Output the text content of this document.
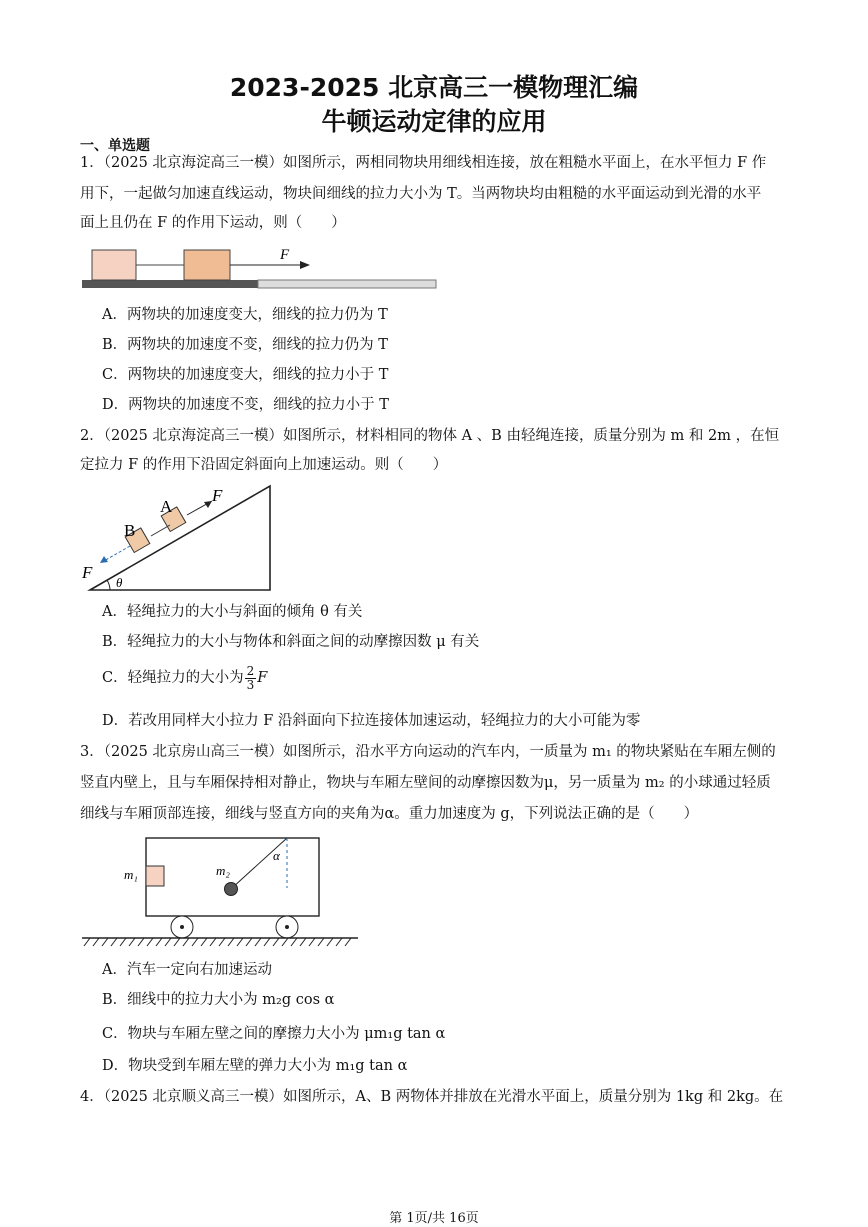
2023-2025 北京高三一模物理汇编
牛顿运动定律的应用
一、单选题
1．（2025 北京海淀高三一模）如图所示，两相同物块用细线相连接，放在粗糙水平面上，在水平恒力 F 作
用下，一起做匀加速直线运动，物块间细线的拉力大小为 T。当两物块均由粗糙的水平面运动到光滑的水平
面上且仍在 F 的作用下运动，则（　　）
F
A．两物块的加速度变大，细线的拉力仍为 T
B．两物块的加速度不变，细线的拉力仍为 T
C．两物块的加速度变大，细线的拉力小于 T
D．两物块的加速度不变，细线的拉力小于 T
2．（2025 北京海淀高三一模）如图所示，材料相同的物体 A 、B 由轻绳连接，质量分别为 m 和 2m ，在恒
定拉力 F 的作用下沿固定斜面向上加速运动。则（　　）
F
F
A
B
θ
A．轻绳拉力的大小与斜面的倾角 θ 有关
B．轻绳拉力的大小与物体和斜面之间的动摩擦因数 μ 有关
C．轻绳拉力的大小为 $\frac{2}{3}$ F
D．若改用同样大小拉力 F 沿斜面向下拉连接体加速运动，轻绳拉力的大小可能为零
3．（2025 北京房山高三一模）如图所示，沿水平方向运动的汽车内，一质量为 m₁ 的物块紧贴在车厢左侧的
竖直内壁上，且与车厢保持相对静止，物块与车厢左壁间的动摩擦因数为μ，另一质量为 m₂ 的小球通过轻质
细线与车厢顶部连接，细线与竖直方向的夹角为α。重力加速度为 g，下列说法正确的是（　　）
m₁	m₂
α
A．汽车一定向右加速运动
B．细线中的拉力大小为 m₂g cos α
C．物块与车厢左壁之间的摩擦力大小为 μm₁g tan α
D．物块受到车厢左壁的弹力大小为 m₁g tan α
4．（2025 北京顺义高三一模）如图所示，A、B 两物体并排放在光滑水平面上，质量分别为 1kg 和 2kg。在
第 1页/共 16页
